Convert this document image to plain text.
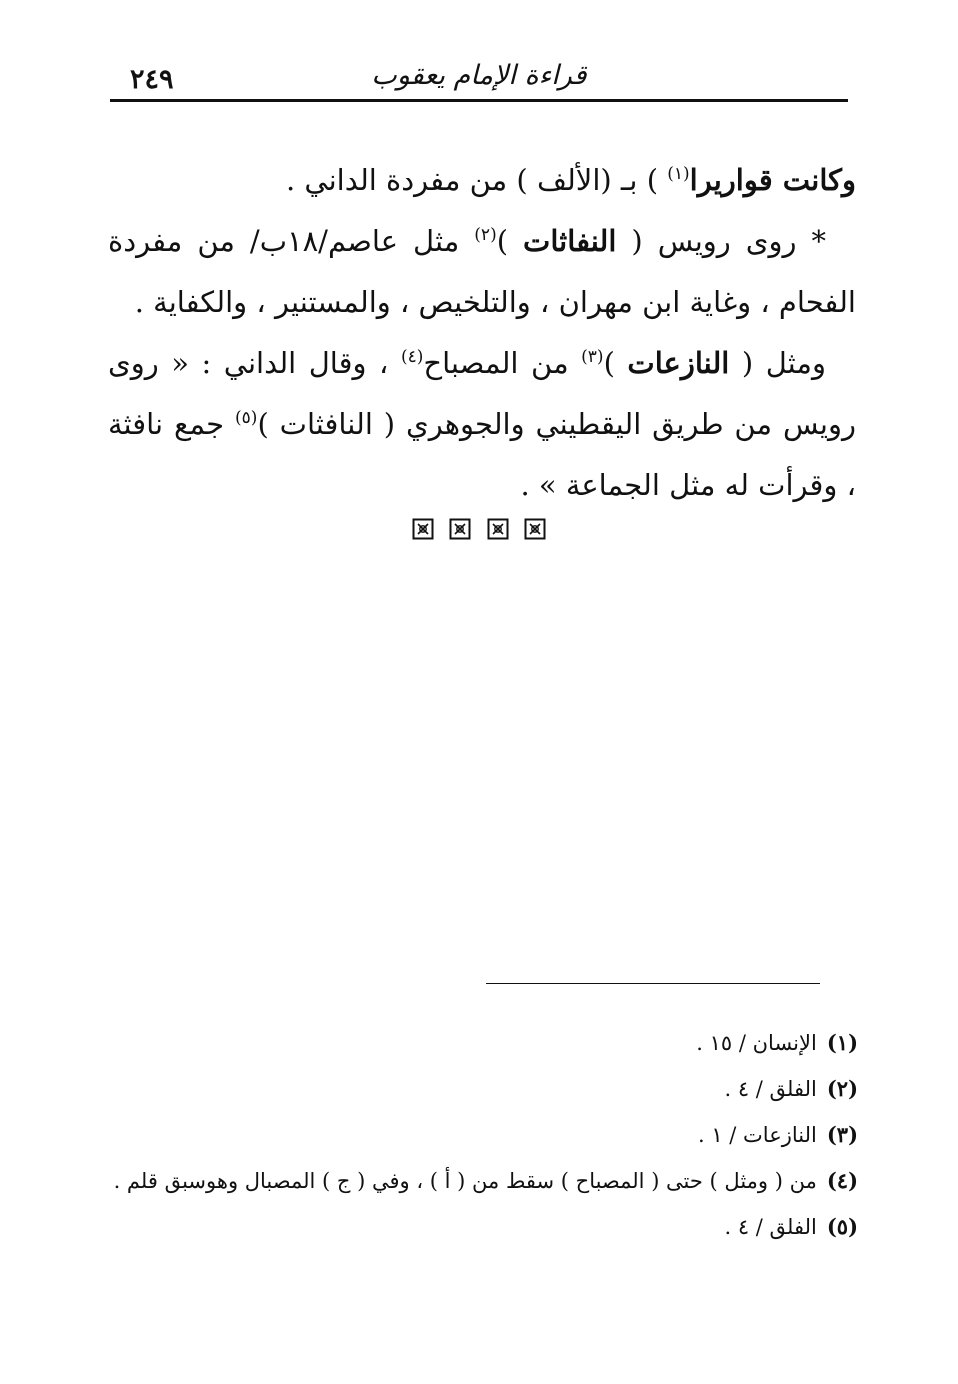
٢٤٩	قراءة الإمام يعقوب

وكانت قواريرا$^{(١)}$ ) بـ (الألف ) من مفردة الداني .

* روى رويس ( النفاثات )$^{(٢)}$ مثل عاصم/١٨ب/ من مفردة الفحام ، وغاية ابن مهران ، والتلخيص ، والمستنير ، والكفاية .

ومثل ( النازعات )$^{(٣)}$ من المصباح$^{(٤)}$ ، وقال الداني : « روى رويس من طريق اليقطيني والجوهري ( النافثات )$^{(٥)}$ جمع نافثة ، وقرأت له مثل الجماعة » .

(١)الإنسان / ١٥ .
(٢)الفلق / ٤ .
(٣)النازعات / ١ .
(٤)من ( ومثل ) حتى ( المصباح ) سقط من ( أ ) ، وفي ( ج ) المصبال وهوسبق قلم .
(٥)الفلق / ٤ .
